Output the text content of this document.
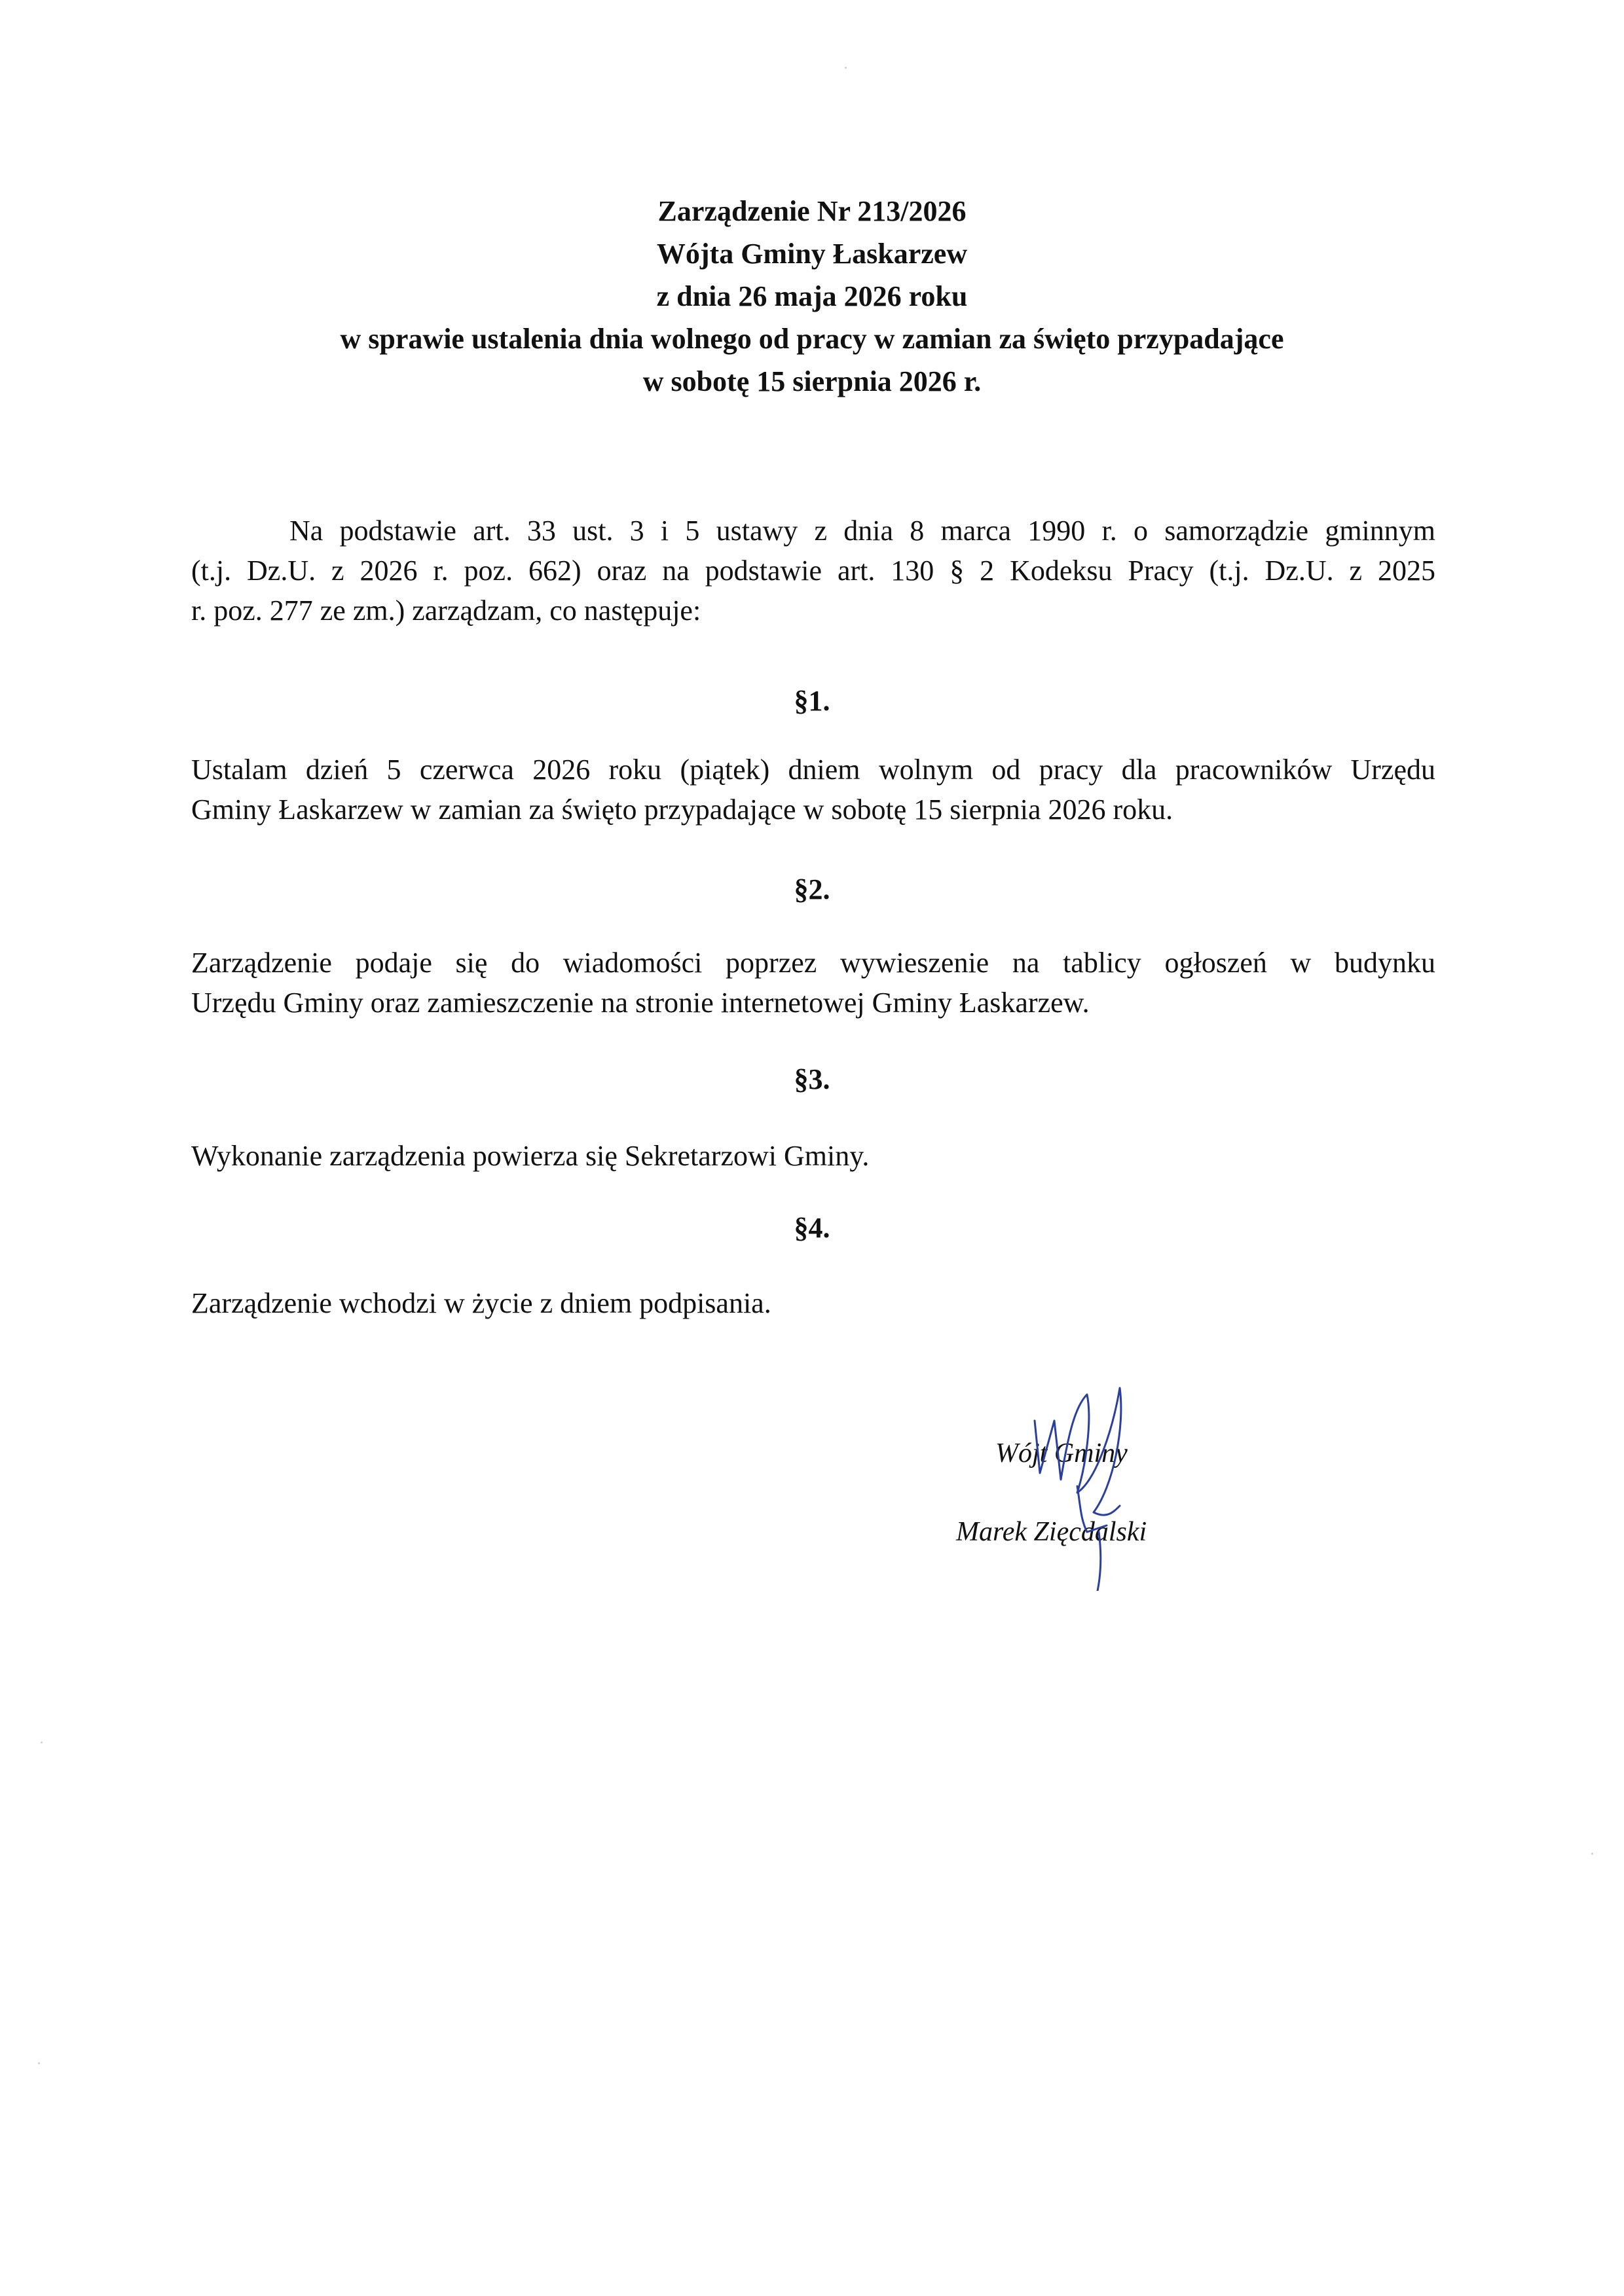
Zarządzenie Nr 213/2026
Wójta Gminy Łaskarzew
z dnia 26 maja 2026 roku
w sprawie ustalenia dnia wolnego od pracy w zamian za święto przypadające
w sobotę 15 sierpnia 2026 r.
Na podstawie art. 33 ust. 3 i 5 ustawy z dnia 8 marca 1990 r. o samorządzie gminnym
(t.j. Dz.U. z 2026 r. poz. 662) oraz na podstawie art. 130 § 2 Kodeksu Pracy (t.j. Dz.U. z 2025
r. poz. 277 ze zm.) zarządzam, co następuje:
§1.
Ustalam dzień 5 czerwca 2026 roku (piątek) dniem wolnym od pracy dla pracowników Urzędu
Gminy Łaskarzew w zamian za święto przypadające w sobotę 15 sierpnia 2026 roku.
§2.
Zarządzenie podaje się do wiadomości poprzez wywieszenie na tablicy ogłoszeń w budynku
Urzędu Gminy oraz zamieszczenie na stronie internetowej Gminy Łaskarzew.
§3.
Wykonanie zarządzenia powierza się Sekretarzowi Gminy.
§4.
Zarządzenie wchodzi w życie z dniem podpisania.
Wójt Gminy
Marek Zięcdalski
